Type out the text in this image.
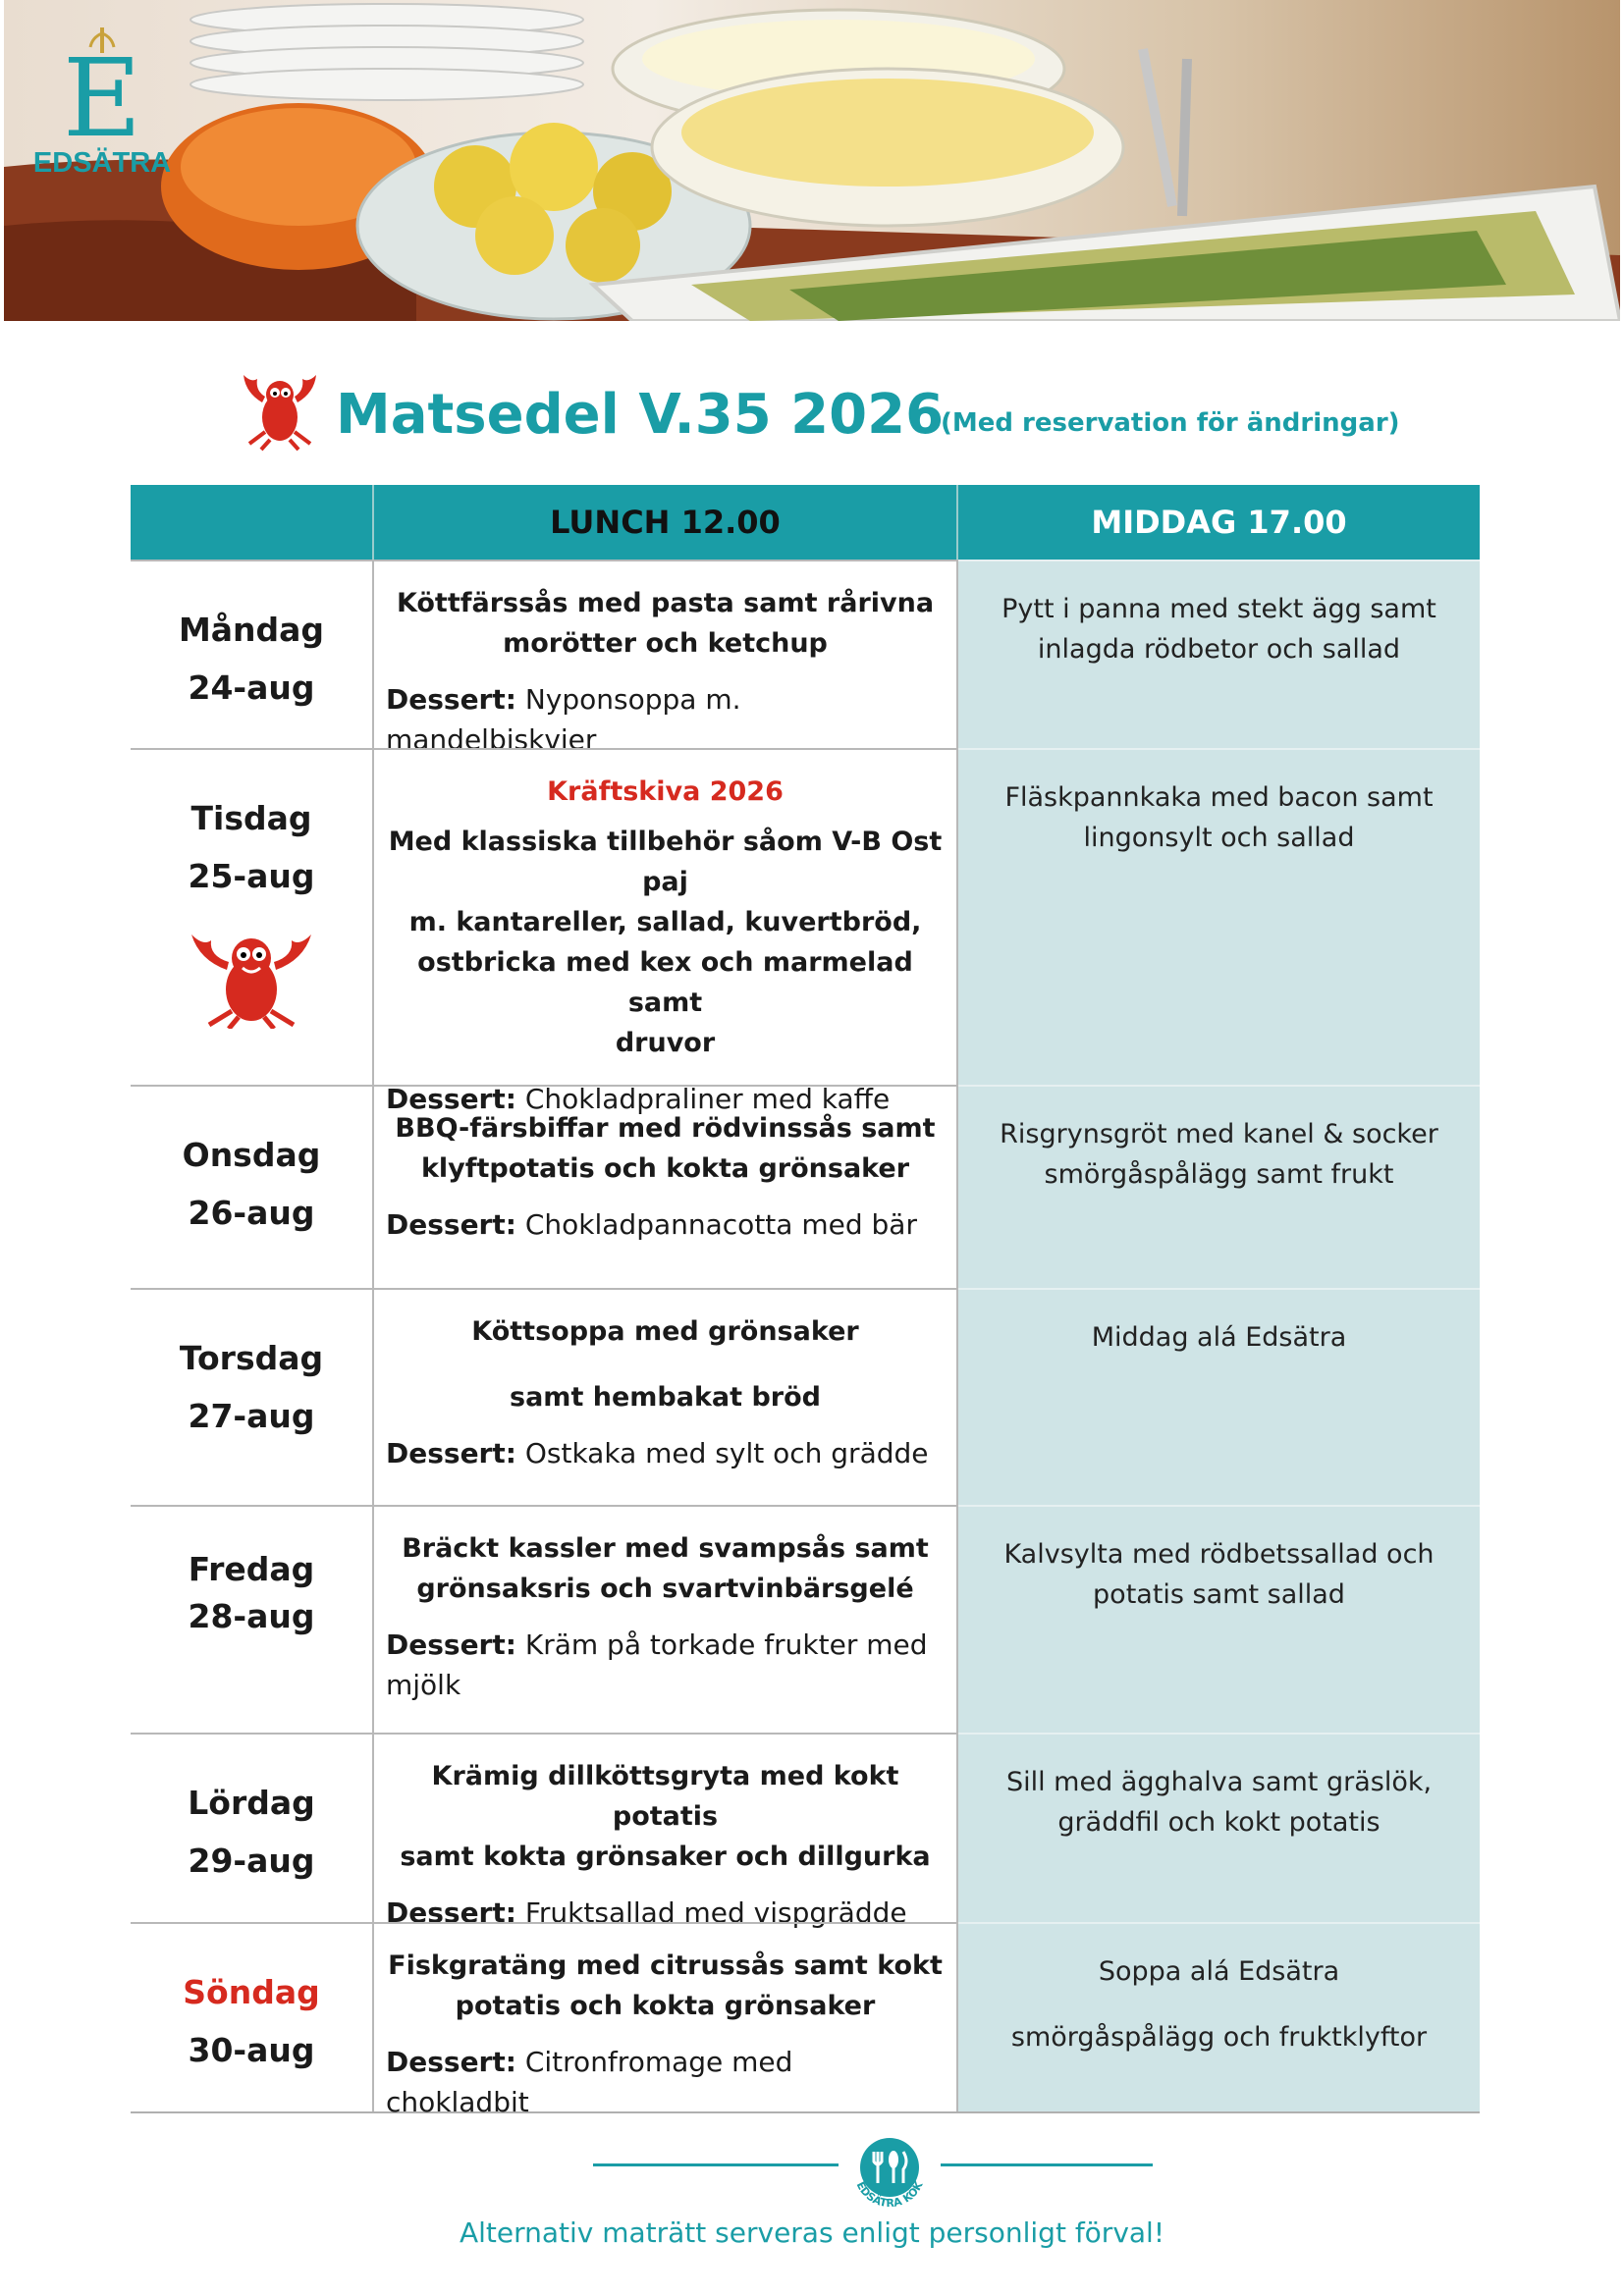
E
EDSÄTRA
Matsedel V.35 2026
(Med reservation för ändringar)
LUNCH 12.00	MIDDAG 17.00
Måndag
24-aug
Köttfärssås med pasta samt rårivna
morötter och ketchup
Dessert: Nyponsoppa m. mandelbiskvier
Pytt i panna med stekt ägg samt
inlagda rödbetor och sallad
Tisdag
25-aug
Kräftskiva 2026
Med klassiska tillbehör såom V-B Ost paj
m. kantareller, sallad, kuvertbröd,
ostbricka med kex och marmelad samt
druvor
Dessert: Chokladpraliner med kaffe
Fläskpannkaka med bacon samt
lingonsylt och sallad
Onsdag
26-aug
BBQ-färsbiffar med rödvinssås samt
klyftpotatis och kokta grönsaker
Dessert: Chokladpannacotta med bär
Risgrynsgröt med kanel & socker
smörgåspålägg samt frukt
Torsdag
27-aug
Köttsoppa med grönsaker
samt hembakat bröd
Dessert: Ostkaka med sylt och grädde
Middag alá Edsätra
Fredag
28-aug
Bräckt kassler med svampsås samt
grönsaksris och svartvinbärsgelé
Dessert: Kräm på torkade frukter med mjölk
Kalvsylta med rödbetssallad och
potatis samt sallad
Lördag
29-aug
Krämig dillköttsgryta med kokt potatis
samt kokta grönsaker och dillgurka
Dessert: Fruktsallad med vispgrädde
Sill med ägghalva samt gräslök,
gräddfil och kokt potatis
Söndag
30-aug
Fiskgratäng med citrussås samt kokt
potatis och kokta grönsaker
Dessert: Citronfromage med chokladbit
Soppa alá Edsätra
smörgåspålägg och fruktklyftor
EDSÄTRA KÖK
Alternativ maträtt serveras enligt personligt förval!
